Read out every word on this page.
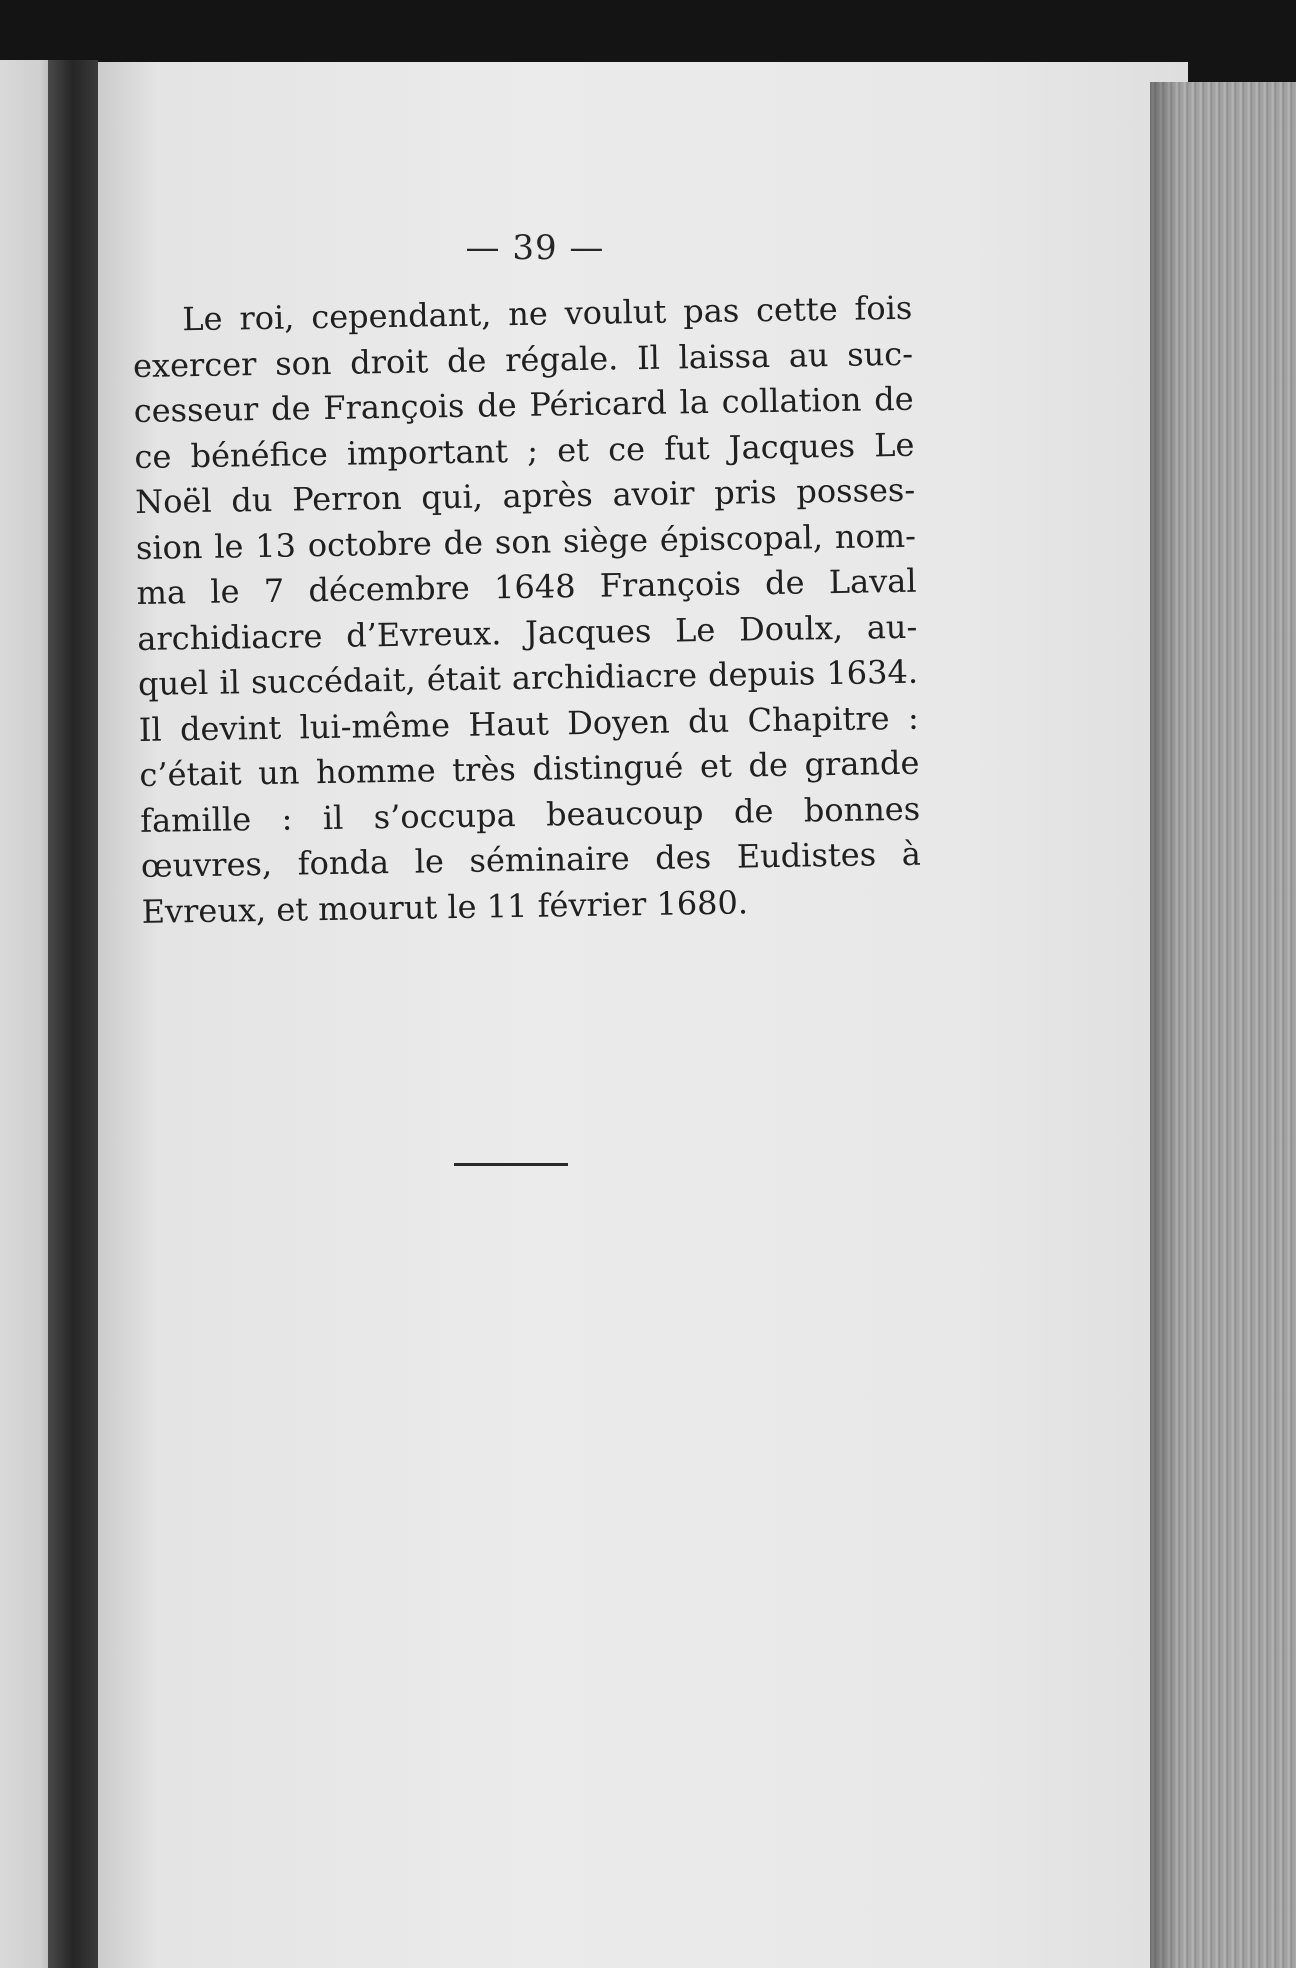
— 39 —
Le roi, cependant, ne voulut pas cette fois
exercer son droit de régale. Il laissa au suc-
cesseur de François de Péricard la collation de
ce bénéfice important ; et ce fut Jacques Le
Noël du Perron qui, après avoir pris posses-
sion le 13 octobre de son siège épiscopal, nom-
ma le 7 décembre 1648 François de Laval
archidiacre d’Evreux. Jacques Le Doulx, au-
quel il succédait, était archidiacre depuis 1634.
Il devint lui-même Haut Doyen du Chapitre :
c’était un homme très distingué et de grande
famille : il s’occupa beaucoup de bonnes
œuvres, fonda le séminaire des Eudistes à
Evreux, et mourut le 11 février 1680.
